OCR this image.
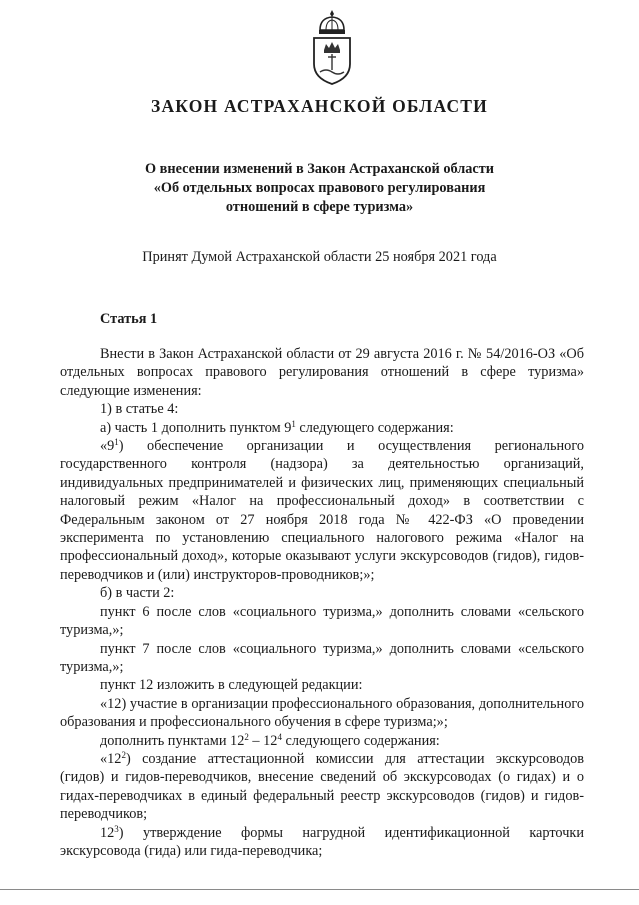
ЗАКОН АСТРАХАНСКОЙ ОБЛАСТИ
О внесении изменений в Закон Астраханской области
«Об отдельных вопросах правового регулирования
отношений в сфере туризма»
Принят Думой Астраханской области 25 ноября 2021 года
Статья 1

Внести в Закон Астраханской области от 29 августа 2016 г. № 54/2016-ОЗ «Об отдельных вопросах правового регулирования отношений в сфере туризма» следующие изменения:

1) в статье 4:

а) часть 1 дополнить пунктом $9^1$ следующего содержания:

«$9^1$) обеспечение организации и осуществления регионального государственного контроля (надзора) за деятельностью организаций, индивидуальных предпринимателей и физических лиц, применяющих специальный налоговый режим «Налог на профессиональный доход» в соответствии с Федеральным законом от 27 ноября 2018 года № 422-ФЗ «О проведении эксперимента по установлению специального налогового режима «Налог на профессиональный доход», которые оказывают услуги экскурсоводов (гидов), гидов-переводчиков и (или) инструкторов-проводников;»;

б) в части 2:

пункт 6 после слов «социального туризма,» дополнить словами «сельского туризма,»;

пункт 7 после слов «социального туризма,» дополнить словами «сельского туризма,»;

пункт 12 изложить в следующей редакции:

«12) участие в организации профессионального образования, дополнительного образования и профессионального обучения в сфере туризма;»;

дополнить пунктами $12^2 - 12^4$ следующего содержания:

«$12^2$) создание аттестационной комиссии для аттестации экскурсоводов (гидов) и гидов-переводчиков, внесение сведений об экскурсоводах (о гидах) и о гидах-переводчиках в единый федеральный реестр экскурсоводов (гидов) и гидов-переводчиков;

$12^3$) утверждение формы нагрудной идентификационной карточки экскурсовода (гида) или гида-переводчика;
